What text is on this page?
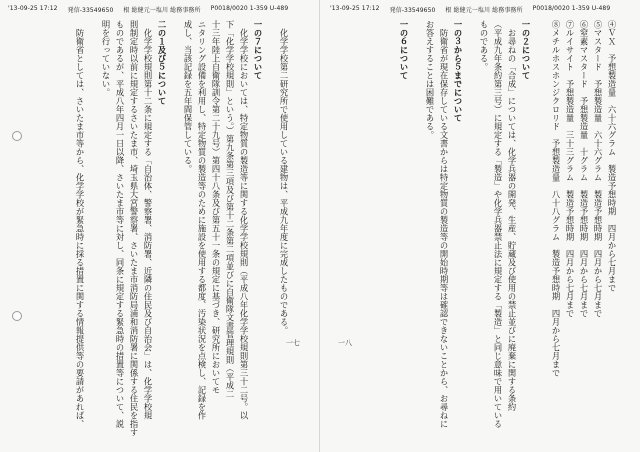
'13-09-25 17:12 発信-33549650 根 総健元一塩川 総務事務所 P0018/0020 1-359 U-489	'13-09-25 17:12 発信-33549650 根 総健元一塩川 総務事務所 P0018/0020 1-359 U-489
④ＶＸ　予想製造量　六十六グラム　製造予想時期　四月から七月まで
⑤マスタード　予想製造量　六十六グラム　製造予想時期　四月から七月まで
⑥窒素マスタード　予想製造量　十グラム　製造予想時期　四月から七月まで
⑦ルイサイト　予想製造量　三十三グラム　製造予想時期　四月から七月まで
⑧メチルホスホンジクロリド　予想製造量　八十八グラム　製造予想時期　四月から七月まで
一の２について
　お尋ねの「合成」については、化学兵器の開発、生産、貯蔵及び使用の禁止並びに廃棄に関する条約
（平成九年条約第三号）に規定する「製造」や化学兵器禁止法に規定する「製造」と同じ意味で用いている
ものである。
一の３から５までについて
　防衛省が現在保存している文書からは特定物質の製造等の開始時期等は確認できないことから、お尋ねに
お答えすることは困難である。
一の６について
一八
　化学学校第二研究所で使用している建物は、平成九年度に完成したものである。
一の７について
　化学学校においては、特定物質の製造等に関する化学学校規則（平成八年化学学校規則第三十二号。以
下「化学学校規則」という。）第九条第三項及び第十二条第二項並びに自衛隊文書管理規則（平成二
十三年陸上自衛隊訓令第二十九号）第四十八条及び第五十一条の規定に基づき、研究所においてモ
ニタリング設備を利用し、特定物質の製造等のために施設を使用する都度、汚染状況を点検し、記録を作
成し、当該記録を五年間保管している。
二の１及び５について
　化学学校規則第十二条に規定する「自治体、警察署、消防署、近隣の住民及び自治会」は、化学学校規
則制定時以前に規定するさいたま市、埼玉県大宮警察署、さいたま市消防局浦和消防署に関係する住民を指す
ものであるが、平成八年四月一日以降、さいたま市等に対し、同条に規定する緊急時の措置等について、説
明を行っていない。
　防衛省としては、さいたま市等から、化学学校が緊急時に採る措置に関する情報提供等の要請があれば、	一七
